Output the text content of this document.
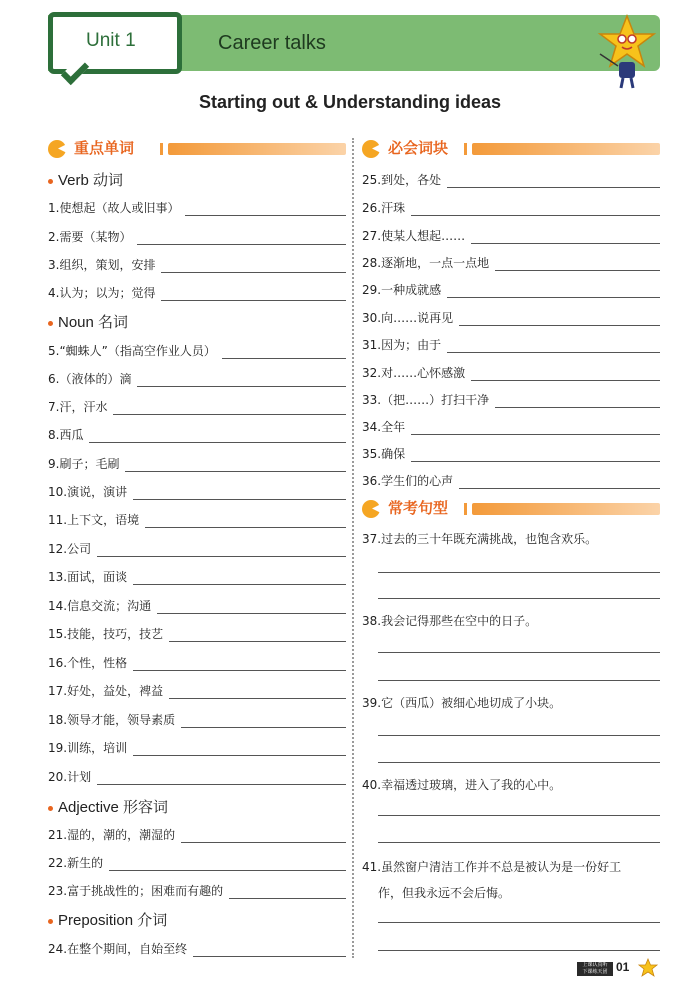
Unit 1	Career talks
Starting out & Understanding ideas
重点单词	必会词块
常考句型
Verb 动词
Noun 名词
Adjective 形容词
Preposition 介词
1.使想起（故人或旧事）
2.需要（某物）
3.组织，策划，安排
4.认为；以为；觉得
5.“蜘蛛人”（指高空作业人员）
6.（液体的）滴
7.汗，汗水
8.西瓜
9.刷子；毛刷
10.演说，演讲
11.上下文，语境
12.公司
13.面试，面谈
14.信息交流；沟通
15.技能，技巧，技艺
16.个性，性格
17.好处，益处，裨益
18.领导才能，领导素质
19.训练，培训
20.计划
21.湿的，潮的，潮湿的
22.新生的
23.富于挑战性的；困难而有趣的
24.在整个期间，自始至终
25.到处，各处
26.汗珠
27.使某人想起……
28.逐渐地，一点一点地
29.一种成就感
30.向……说再见
31.因为；由于
32.对……心怀感激
33.（把……）打扫干净
34.全年
35.确保
36.学生们的心声
37.过去的三十年既充满挑战，也饱含欢乐。
38.我会记得那些在空中的日子。
39.它（西瓜）被细心地切成了小块。
40.幸福透过玻璃，进入了我的心中。
41.虽然窗户清洁工作并不总是被认为是一份好工
作，但我永远不会后悔。
上课认真听
下课练天团 01
